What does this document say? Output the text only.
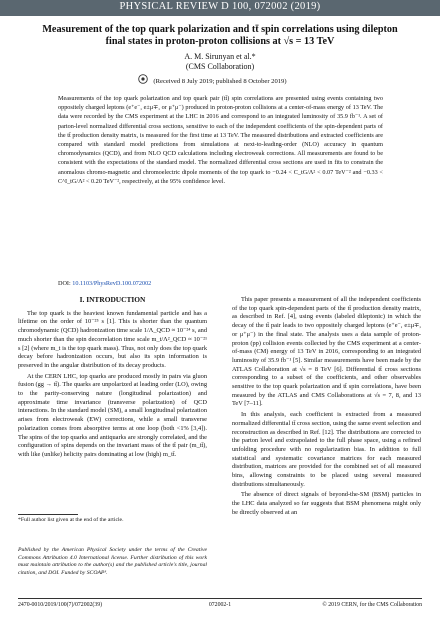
PHYSICAL REVIEW D 100, 072002 (2019)
Measurement of the top quark polarization and tt̄ spin correlations using dilepton final states in proton-proton collisions at √s = 13 TeV
A. M. Sirunyan et al.*
(CMS Collaboration)
(Received 8 July 2019; published 8 October 2019)
Measurements of the top quark polarization and top quark pair (tt̄) spin correlations are presented using events containing two oppositely charged leptons (e⁺e⁻, e±μ∓, or μ⁺μ⁻) produced in proton-proton collisions at a center-of-mass energy of 13 TeV. The data were recorded by the CMS experiment at the LHC in 2016 and correspond to an integrated luminosity of 35.9 fb⁻¹. A set of parton-level normalized differential cross sections, sensitive to each of the independent coefficients of the spin-dependent parts of the tt̄ production density matrix, is measured for the first time at 13 TeV. The measured distributions and extracted coefficients are compared with standard model predictions from simulations at next-to-leading-order (NLO) accuracy in quantum chromodynamics (QCD), and from NLO QCD calculations including electroweak corrections. All measurements are found to be consistent with the expectations of the standard model. The normalized differential cross sections are used in fits to constrain the anomalous chromo-magnetic and chromoelectric dipole moments of the top quark to −0.24 < C_tG/Λ² < 0.07 TeV⁻² and −0.33 < C^I_tG/Λ² < 0.20 TeV⁻², respectively, at the 95% confidence level.
DOI: 10.1103/PhysRevD.100.072002
I. INTRODUCTION

The top quark is the heaviest known fundamental particle and has a lifetime on the order of 10⁻²⁵ s [1]. This is shorter than the quantum chromodynamic (QCD) hadronization time scale 1/Λ_QCD ≈ 10⁻²⁴ s, and much shorter than the spin decorrelation time scale m_t/Λ²_QCD ≈ 10⁻²¹ s [2] (where m_t is the top quark mass). Thus, not only does the top quark decay before hadronization occurs, but also its spin information is preserved in the angular distribution of its decay products.

At the CERN LHC, top quarks are produced mostly in pairs via gluon fusion (gg → tt̄). The quarks are unpolarized at leading order (LO), owing to the parity-conserving nature (longitudinal polarization) and approximate time invariance (transverse polarization) of QCD interactions. In the standard model (SM), a small longitudinal polarization arises from electroweak (EW) corrections, while a small transverse polarization comes from absorptive terms at one loop (both <1% [3,4]). The spins of the top quarks and antiquarks are strongly correlated, and the configuration of spins depends on the invariant mass of the tt̄ pair (m_tt̄), with like (unlike) helicity pairs dominating at low (high) m_tt̄.

*Full author list given at the end of the article.
Published by the American Physical Society under the terms of the Creative Commons Attribution 4.0 International license. Further distribution of this work must maintain attribution to the author(s) and the published article's title, journal citation, and DOI. Funded by SCOAP³.

This paper presents a measurement of all the independent coefficients of the top quark spin-dependent parts of the tt̄ production density matrix, as described in Ref. [4], using events (labeled dileptonic) in which the decay of the tt̄ pair leads to two oppositely charged leptons (e⁺e⁻, e±μ∓, or μ⁺μ⁻) in the final state. The analysis uses a data sample of proton-proton (pp) collision events collected by the CMS experiment at a center-of-mass (CM) energy of 13 TeV in 2016, corresponding to an integrated luminosity of 35.9 fb⁻¹ [5]. Similar measurements have been made by the ATLAS Collaboration at √s = 8 TeV [6]. Differential tt̄ cross sections corresponding to a subset of the coefficients, and other observables sensitive to the top quark polarization and tt̄ spin correlations, have been measured by the ATLAS and CMS Collaborations at √s = 7, 8, and 13 TeV [7–11].

In this analysis, each coefficient is extracted from a measured normalized differential tt̄ cross section, using the same event selection and reconstruction as described in Ref. [12]. The distributions are corrected to the parton level and extrapolated to the full phase space, using a refined unfolding procedure with no regularization bias. In addition to full statistical and systematic covariance matrices for each measured distribution, matrices are provided for the combined set of all measured bins, allowing constraints to be placed using several measured distributions simultaneously.

The absence of direct signals of beyond-the-SM (BSM) particles in the LHC data analyzed so far suggests that BSM phenomena might only be directly observed at an

2470-0010/2019/100(7)/072002(39)	072002-1	© 2019 CERN, for the CMS Collaboration
